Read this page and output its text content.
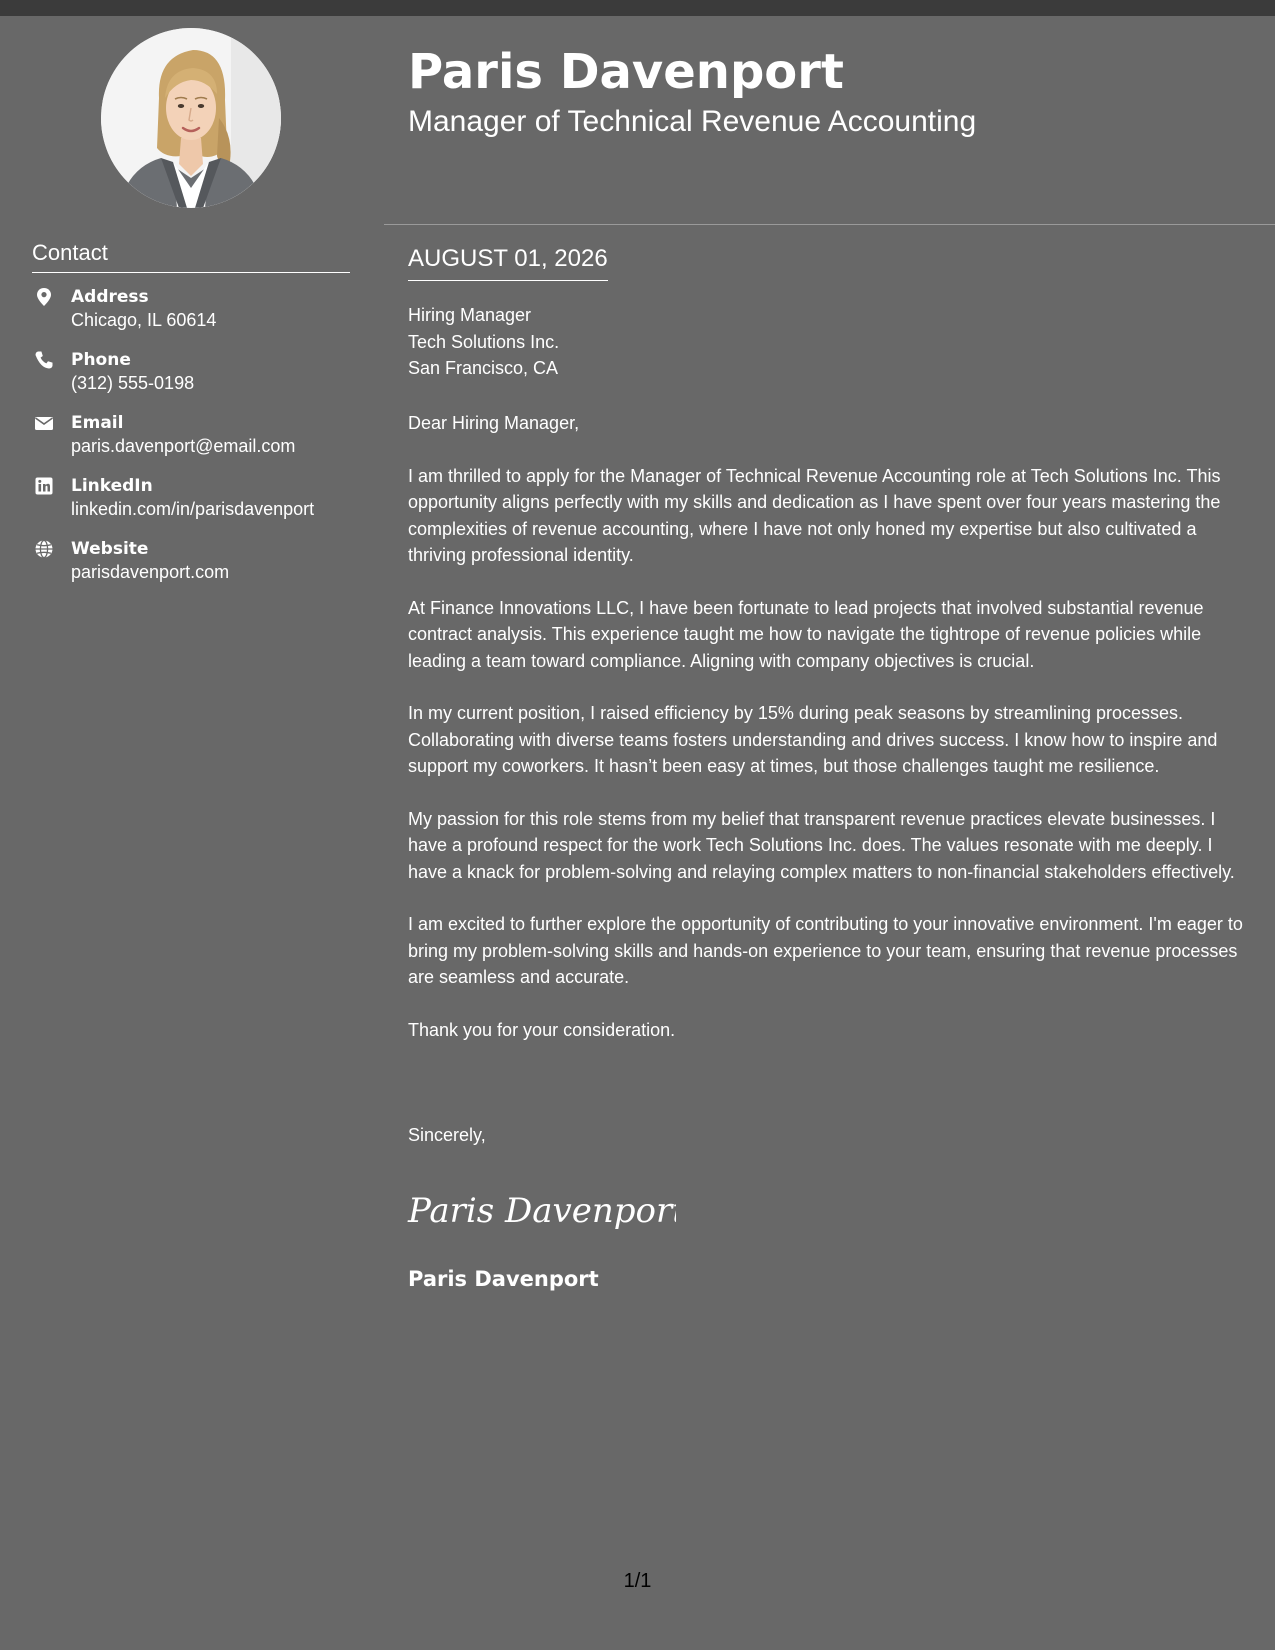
Contact
Address
Chicago, IL 60614
Phone
(312) 555-0198
Email
paris.davenport@email.com
LinkedIn
linkedin.com/in/parisdavenport
Website
parisdavenport.com
Paris Davenport
Manager of Technical Revenue Accounting
AUGUST 01, 2026
Hiring Manager
Tech Solutions Inc.
San Francisco, CA

Dear Hiring Manager,

I am thrilled to apply for the Manager of Technical Revenue Accounting role at Tech Solutions Inc. This opportunity aligns perfectly with my skills and dedication as I have spent over four years mastering the complexities of revenue accounting, where I have not only honed my expertise but also cultivated a thriving professional identity.

At Finance Innovations LLC, I have been fortunate to lead projects that involved substantial revenue contract analysis. This experience taught me how to navigate the tightrope of revenue policies while leading a team toward compliance. Aligning with company objectives is crucial.

In my current position, I raised efficiency by 15% during peak seasons by streamlining processes. Collaborating with diverse teams fosters understanding and drives success. I know how to inspire and support my coworkers. It hasn’t been easy at times, but those challenges taught me resilience.

My passion for this role stems from my belief that transparent revenue practices elevate businesses. I have a profound respect for the work Tech Solutions Inc. does. The values resonate with me deeply. I have a knack for problem-solving and relaying complex matters to non-financial stakeholders effectively.

I am excited to further explore the opportunity of contributing to your innovative environment. I'm eager to bring my problem-solving skills and hands-on experience to your team, ensuring that revenue processes are seamless and accurate.

Thank you for your consideration.

Sincerely,
Paris Davenport
Paris Davenport
1/1
